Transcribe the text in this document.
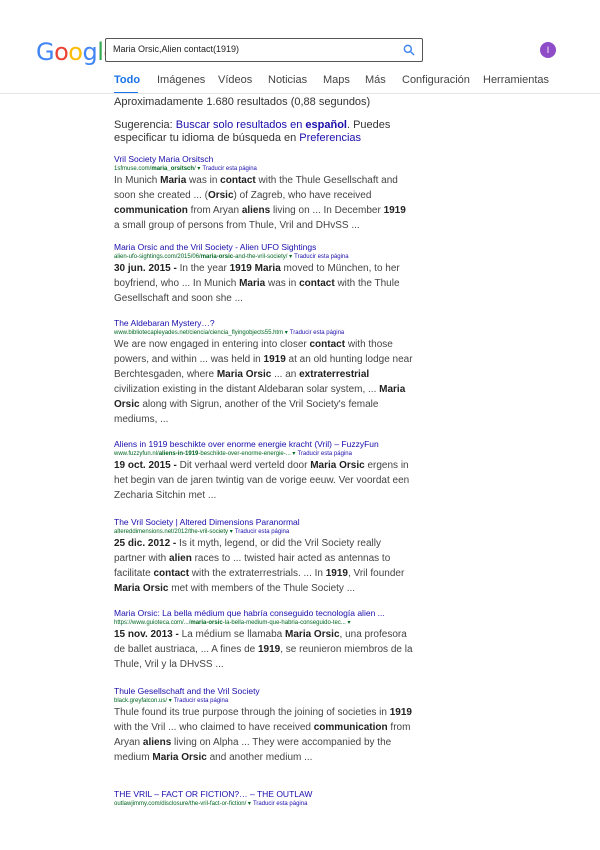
Googl	Maria Orsic,Alien contact(1919)	I
Todo Imágenes Vídeos Noticias Maps Más Configuración Herramientas
Aproximadamente 1.680 resultados (0,88 segundos)
Sugerencia: Buscar solo resultados en español. Puedes especificar tu idioma de búsqueda en Preferencias
Vril Society Maria Orsitsch
1sfmuse.com/maria_orsitsch/ ▾ Traducir esta página
In Munich Maria was in contact with the Thule Gesellschaft and soon she created ... (Orsic) of Zagreb, who have received communication from Aryan aliens living on ... In December 1919 a small group of persons from Thule, Vril and DHvSS ...
Maria Orsic and the Vril Society - Alien UFO Sightings
alien-ufo-sightings.com/2015/06/maria-orsic-and-the-vril-society/ ▾ Traducir esta página
30 jun. 2015 - In the year 1919 Maria moved to München, to her boyfriend, who ... In Munich Maria was in contact with the Thule Gesellschaft and soon she ...
The Aldebaran Mystery…?
www.bibliotecapleyades.net/ciencia/ciencia_flyingobjects55.htm ▾ Traducir esta página
We are now engaged in entering into closer contact with those powers, and within ... was held in 1919 at an old hunting lodge near Berchtesgaden, where Maria Orsic ... an extraterrestrial civilization existing in the distant Aldebaran solar system, ... Maria Orsic along with Sigrun, another of the Vril Society's female mediums, ...
Aliens in 1919 beschikte over enorme energie kracht (Vril) – FuzzyFun
www.fuzzyfun.nl/aliens-in-1919-beschikte-over-enorme-energie-... ▾ Traducir esta página
19 oct. 2015 - Dit verhaal werd verteld door Maria Orsic ergens in het begin van de jaren twintig van de vorige eeuw. Ver voordat een Zecharia Sitchin met ...
The Vril Society | Altered Dimensions Paranormal
altereddimensions.net/2012/the-vril-society ▾ Traducir esta página
25 dic. 2012 - Is it myth, legend, or did the Vril Society really partner with alien races to ... twisted hair acted as antennas to facilitate contact with the extraterrestrials. ... In 1919, Vril founder Maria Orsic met with members of the Thule Society ...
Maria Orsic: La bella médium que habría conseguido tecnología alien ...
https://www.guioteca.com/.../maria-orsic-la-bella-medium-que-habria-conseguido-tec... ▾
15 nov. 2013 - La médium se llamaba Maria Orsic, una profesora de ballet austriaca, ... A fines de 1919, se reunieron miembros de la Thule, Vril y la DHvSS ...
Thule Gesellschaft and the Vril Society
black.greyfalcon.us/ ▾ Traducir esta página
Thule found its true purpose through the joining of societies in 1919 with the Vril ... who claimed to have received communication from Aryan aliens living on Alpha ... They were accompanied by the medium Maria Orsic and another medium ...
THE VRIL – FACT OR FICTION?… – THE OUTLAW
outlawjimmy.com/disclosure/the-vril-fact-or-fiction/ ▾ Traducir esta página
